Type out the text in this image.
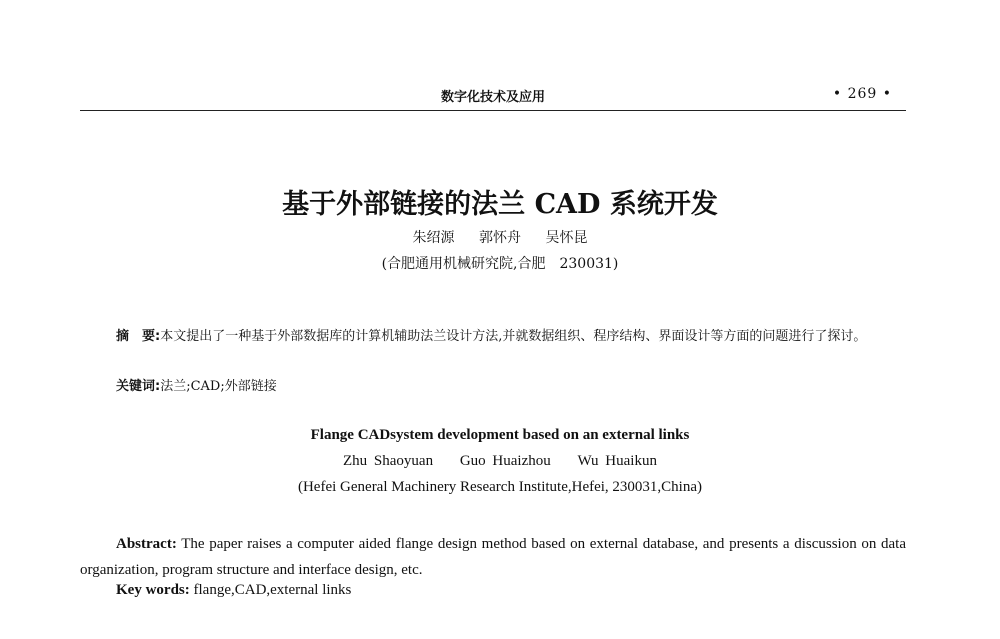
数字化技术及应用	• 269 •
基于外部链接的法兰 CAD 系统开发
朱绍源 郭怀舟 吴怀昆
(合肥通用机械研究院,合肥　230031)

摘　要:本文提出了一种基于外部数据库的计算机辅助法兰设计方法,并就数据组织、程序结构、界面设计等方面的问题进行了探讨。

关键词:法兰;CAD;外部链接
Flange CADsystem development based on an external links
Zhu Shaoyuan Guo Huaizhou Wu Huaikun
(Hefei General Machinery Research Institute,Hefei, 230031,China)

Abstract: The paper raises a computer aided flange design method based on external database, and presents a discussion on data organization, program structure and interface design, etc.

Key words: flange,CAD,external links
